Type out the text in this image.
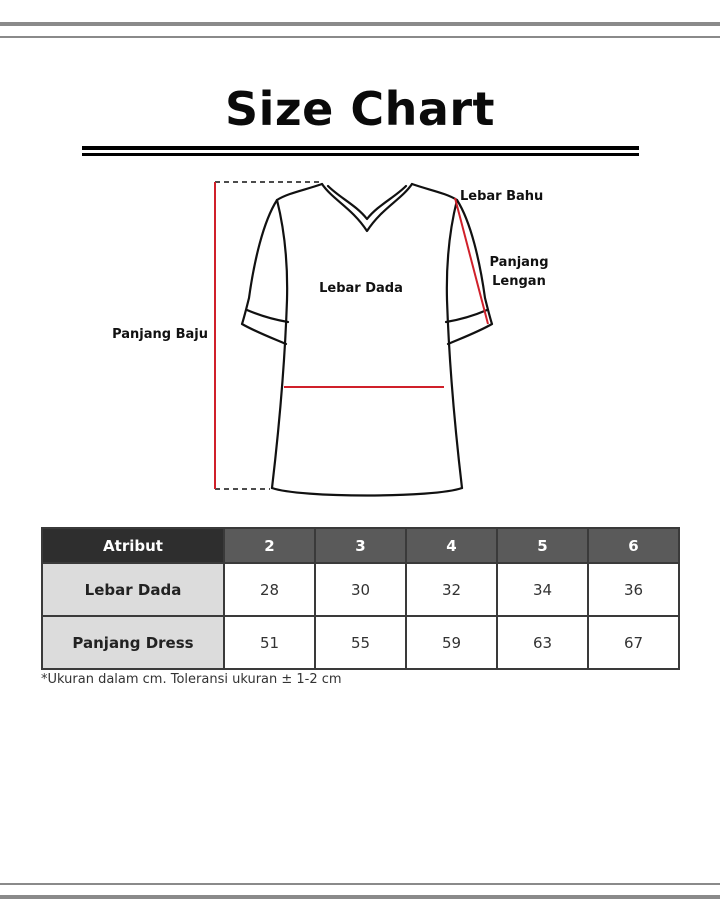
Size Chart
Lebar Bahu
Panjang
Lengan
Lebar Dada
Panjang Baju
Atribut	2	3	4	5	6
Lebar Dada	28	30	32	34	36
Panjang Dress	51	55	59	63	67
*Ukuran dalam cm. Toleransi ukuran ± 1-2 cm
